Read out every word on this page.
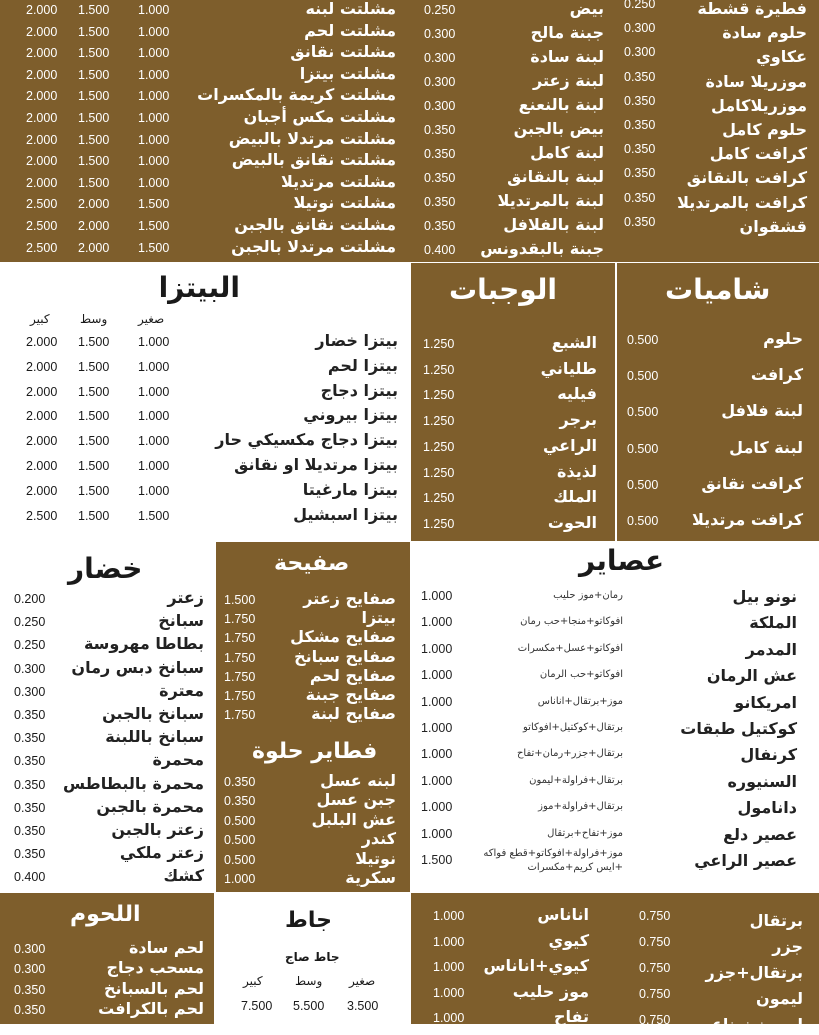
مشلتت لبنه
1.000
1.500
2.000
مشلتت لحم
1.000
1.500
2.000
مشلتت نقانق
1.000
1.500
2.000
مشلتت بيتزا
1.000
1.500
2.000
مشلتت كريمة بالمكسرات
1.000
1.500
2.000
مشلتت مكس أجبان
1.000
1.500
2.000
مشلتت مرتدلا بالبيض
1.000
1.500
2.000
مشلتت نقانق بالبيض
1.000
1.500
2.000
مشلتت مرتديلا
1.000
1.500
2.000
مشلتت نوتيلا
1.500
2.000
2.500
مشلتت نقانق بالجبن
1.500
2.000
2.500
مشلتت مرتدلا بالجبن
1.500
2.000
2.500
بيض
0.250
جبنة مالح
0.300
لبنة سادة
0.300
لبنة زعتر
0.300
لبنة بالنعنع
0.300
بيض بالجبن
0.350
لبنة كامل
0.350
لبنة بالنقانق
0.350
لبنة بالمرتديلا
0.350
لبنة بالفلافل
0.350
جبنة بالبقدونس
0.400
فطيرة قشطة
0.250
حلوم سادة
0.300
عكاوي
0.300
موزريلا سادة
0.350
موزريلاكامل
0.350
حلوم كامل
0.350
كرافت كامل
0.350
كرافت بالنقانق
0.350
كرافت بالمرتديلا
0.350
قشقوان
0.350
البيتزا
صغير
وسط
كبير
بيتزا خضار
1.000
1.500
2.000
بيتزا لحم
1.000
1.500
2.000
بيتزا دجاج
1.000
1.500
2.000
بيتزا بيروني
1.000
1.500
2.000
بيتزا دجاج مكسيكي حار
1.000
1.500
2.000
بيتزا مرتديلا او نقانق
1.000
1.500
2.000
بيتزا مارغيتا
1.000
1.500
2.000
بيتزا اسبشيل
1.500
1.500
2.500
الوجبات
الشبع
1.250
طلياني
1.250
فيليه
1.250
برجر
1.250
الراعي
1.250
لذيذة
1.250
الملك
1.250
الحوت
1.250
شاميات
حلوم
0.500
كرافت
0.500
لبنة فلافل
0.500
لبنة كامل
0.500
كرافت نقانق
0.500
كرافت مرتديلا
0.500
خضار
زعتر
0.200
سبانخ
0.250
بطاطا مهروسة
0.250
سبانخ دبس رمان
0.300
معترة
0.300
سبانخ بالجبن
0.350
سبانخ باللبنة
0.350
محمرة
0.350
محمرة بالبطاطس
0.350
محمرة بالجبن
0.350
زعتر بالجبن
0.350
زعتر ملكي
0.350
كشك
0.400
صفيحة
صفايح زعتر
1.500
بيتزا
1.750
صفايح مشكل
1.750
صفايح سبانخ
1.750
صفايح لحم
1.750
صفايح جبنة
1.750
صفايح لبنة
1.750
فطاير حلوة
لبنه عسل
0.350
جبن عسل
0.350
عش البلبل
0.500
كندر
0.500
نوتيلا
0.500
سكرية
1.000
عصاير
نونو بيل
رمان+موز حليب
1.000
الملكة
افوكاتو+منجا+حب رمان
1.000
المدمر
افوكاتو+عسل+مكسرات
1.000
عش الرمان
افوكاتو+حب الرمان
1.000
امريكانو
موز+برتقال+اناناس
1.000
كوكتيل طبقات
برتقال+كوكتيل+افوكاتو
1.000
كرنفال
برتقال+جزر+رمان+تفاح
1.000
السنيوره
برتقال+فراولة+ليمون
1.000
دانامول
برتقال+فراولة+موز
1.000
عصير دلع
موز+تفاح+برتقال
1.000
عصير الراعي
موز+فراولة+افوكاتو+قطع فواكه
+ايس كريم+مكسرات
1.500
اللحوم
لحم سادة
0.300
مسحب دجاج
0.300
لحم بالسبانخ
0.350
لحم بالكرافت
0.350
جاط
جاط صاج
صغير
وسط
كبير
3.500
5.500
7.500
اناناس
1.000
كيوي
1.000
كيوي+اناناس
1.000
موز حليب
1.000
تفاح
1.000
برتقال
0.750
جزر
0.750
برتقال+جزر
0.750
ليمون
0.750
ليمون نعناع
0.750
